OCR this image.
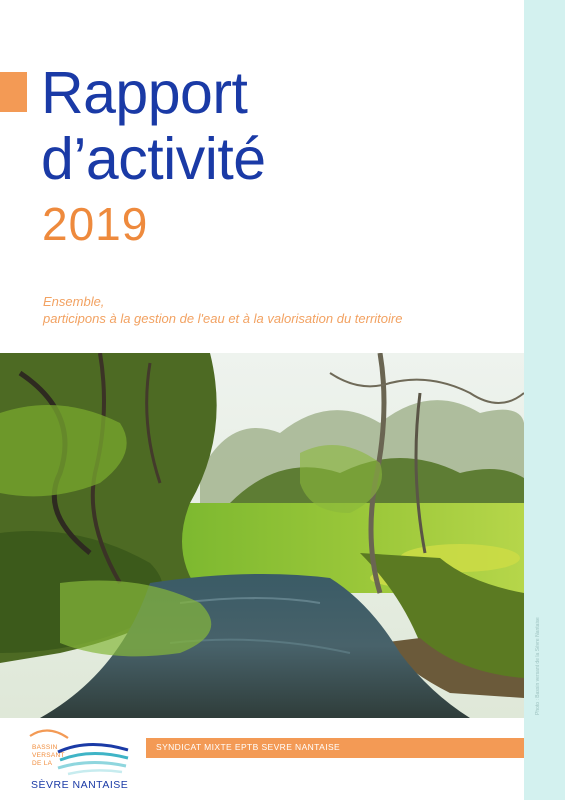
Photo : Bassin versant de la Sèvre Nantaise
Rapport
d’activité
2019
Ensemble,
participons à la gestion de l'eau et à la valorisation du territoire
SYNDICAT MIXTE EPTB SEVRE NANTAISE
BASSIN
VERSANT
DE LA
SÈVRE NANTAISE
